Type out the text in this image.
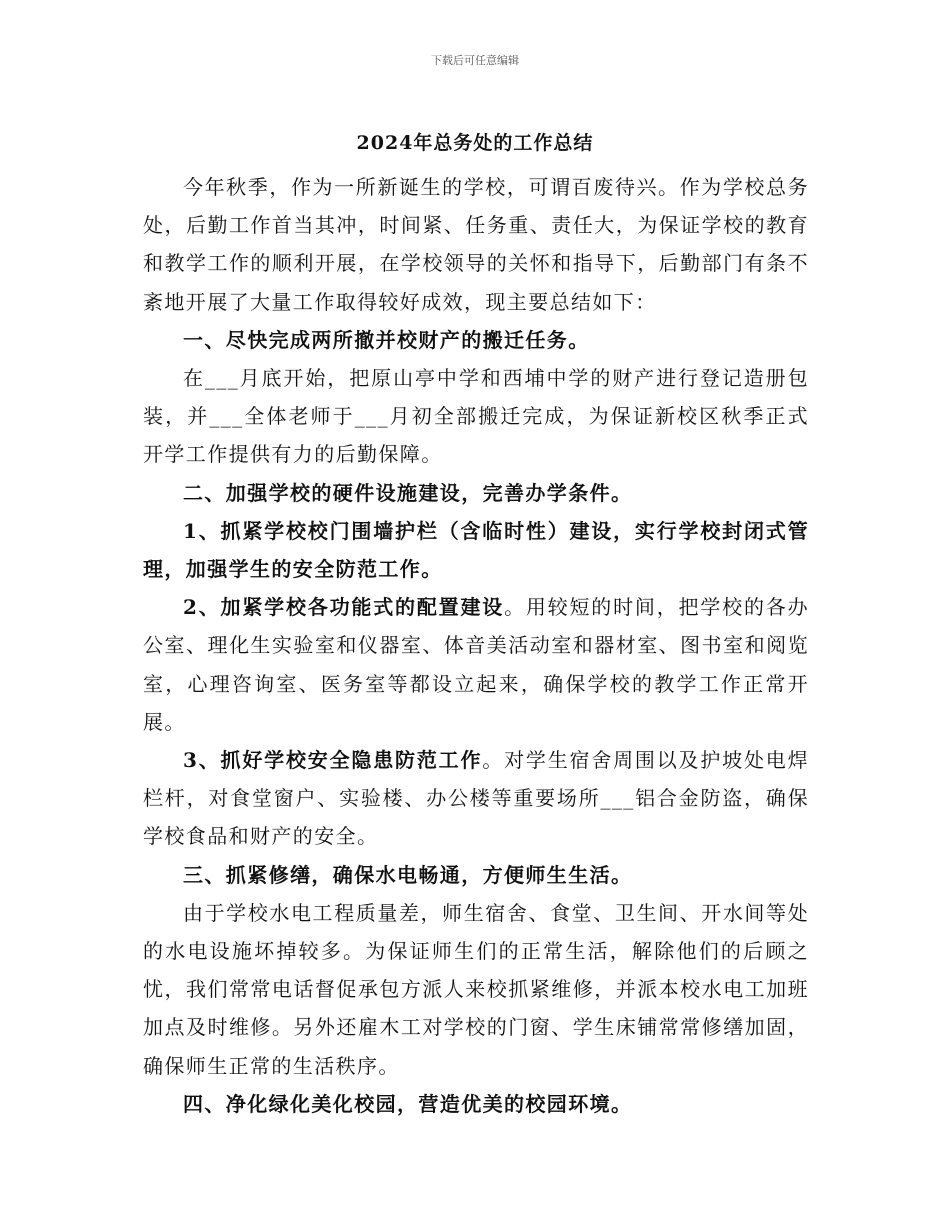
下载后可任意编辑
2024年总务处的工作总结

今年秋季，作为一所新诞生的学校，可谓百废待兴。作为学校总务处，后勤工作首当其冲，时间紧、任务重、责任大，为保证学校的教育和教学工作的顺利开展，在学校领导的关怀和指导下，后勤部门有条不紊地开展了大量工作取得较好成效，现主要总结如下：

一、尽快完成两所撤并校财产的搬迁任务。

在___月底开始，把原山亭中学和西埔中学的财产进行登记造册包装，并___全体老师于___月初全部搬迁完成，为保证新校区秋季正式开学工作提供有力的后勤保障。

二、加强学校的硬件设施建设，完善办学条件。

1、抓紧学校校门围墙护栏（含临时性）建设，实行学校封闭式管理，加强学生的安全防范工作。

2、加紧学校各功能式的配置建设。用较短的时间，把学校的各办公室、理化生实验室和仪器室、体音美活动室和器材室、图书室和阅览室，心理咨询室、医务室等都设立起来，确保学校的教学工作正常开展。

3、抓好学校安全隐患防范工作。对学生宿舍周围以及护坡处电焊栏杆，对食堂窗户、实验楼、办公楼等重要场所___铝合金防盗，确保学校食品和财产的安全。

三、抓紧修缮，确保水电畅通，方便师生生活。

由于学校水电工程质量差，师生宿舍、食堂、卫生间、开水间等处的水电设施坏掉较多。为保证师生们的正常生活，解除他们的后顾之忧，我们常常电话督促承包方派人来校抓紧维修，并派本校水电工加班加点及时维修。另外还雇木工对学校的门窗、学生床铺常常修缮加固，确保师生正常的生活秩序。

四、净化绿化美化校园，营造优美的校园环境。
